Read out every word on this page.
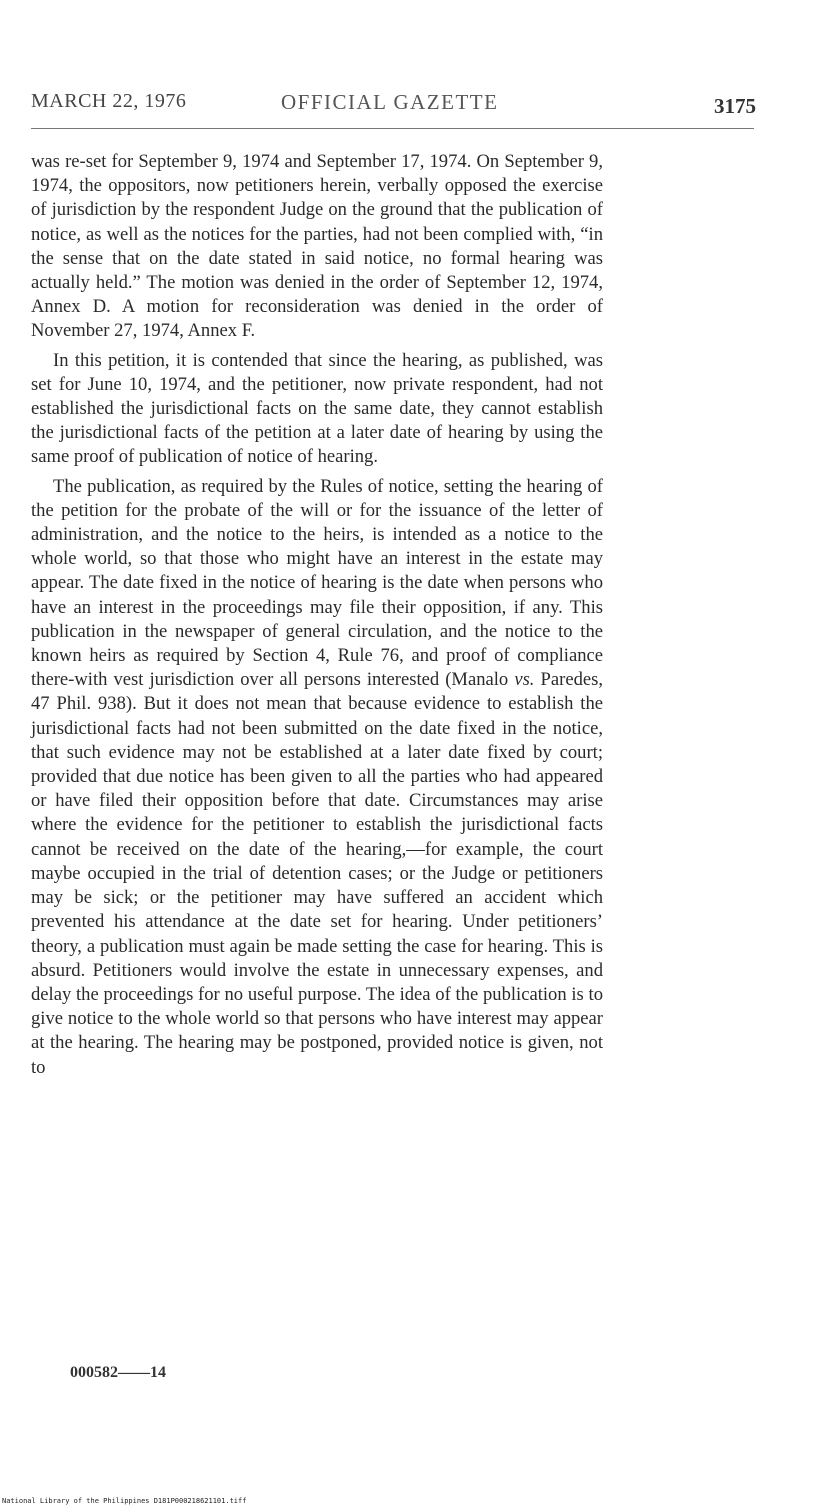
MARCH 22, 1976	OFFICIAL GAZETTE	3175

was re-set for September 9, 1974 and September 17, 1974. On September 9, 1974, the oppositors, now petitioners herein, verbally opposed the exercise of jurisdiction by the respondent Judge on the ground that the publication of notice, as well as the notices for the parties, had not been complied with, “in the sense that on the date stated in said notice, no formal hearing was actually held.” The motion was denied in the order of September 12, 1974, Annex D. A motion for reconsideration was denied in the order of November 27, 1974, Annex F.

In this petition, it is contended that since the hearing, as published, was set for June 10, 1974, and the petitioner, now private respondent, had not established the jurisdictional facts on the same date, they cannot establish the jurisdictional facts of the petition at a later date of hearing by using the same proof of publication of notice of hearing.

The publication, as required by the Rules of notice, setting the hearing of the petition for the probate of the will or for the issuance of the letter of administration, and the notice to the heirs, is intended as a notice to the whole world, so that those who might have an interest in the estate may appear. The date fixed in the notice of hearing is the date when persons who have an interest in the proceedings may file their opposition, if any. This publication in the newspaper of general circulation, and the notice to the known heirs as required by Section 4, Rule 76, and proof of compliance there-with vest jurisdiction over all persons interested (Manalo vs. Paredes, 47 Phil. 938). But it does not mean that because evidence to establish the jurisdictional facts had not been submitted on the date fixed in the notice, that such evidence may not be established at a later date fixed by court; provided that due notice has been given to all the parties who had appeared or have filed their opposition before that date. Circumstances may arise where the evidence for the petitioner to establish the jurisdictional facts cannot be received on the date of the hearing,—for example, the court maybe occupied in the trial of detention cases; or the Judge or petitioners may be sick; or the petitioner may have suffered an accident which prevented his attendance at the date set for hearing. Under petitioners’ theory, a publication must again be made setting the case for hearing. This is absurd. Petitioners would involve the estate in unnecessary expenses, and delay the proceedings for no useful purpose. The idea of the publication is to give notice to the whole world so that persons who have interest may appear at the hearing. The hearing may be postponed, provided notice is given, not to

000582——14
National Library of the Philippines D181P000218621101.tiff
